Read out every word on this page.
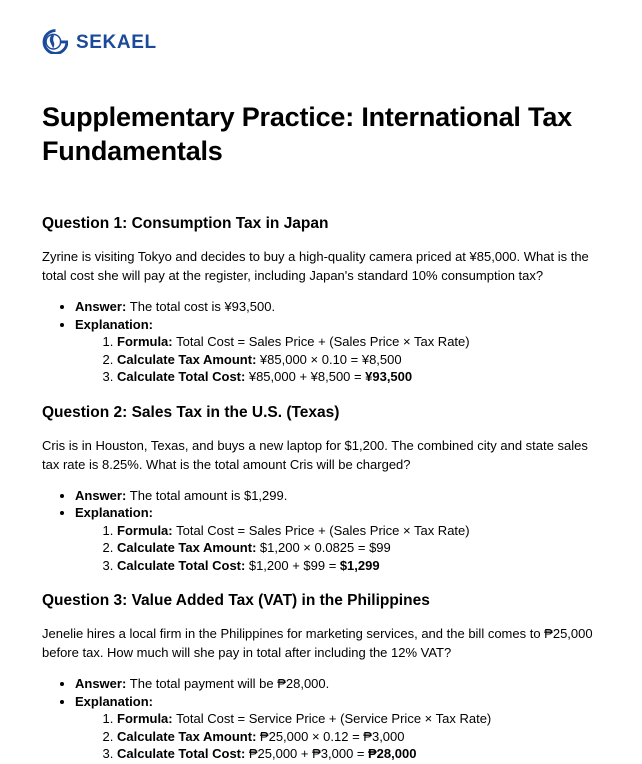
SEKAEL
Supplementary Practice: International Tax Fundamentals
Question 1: Consumption Tax in Japan

Zyrine is visiting Tokyo and decides to buy a high-quality camera priced at ¥85,000. What is the total cost she will pay at the register, including Japan's standard 10% consumption tax?

• Answer: The total cost is ¥93,500.
• Explanation:
1. Formula: Total Cost = Sales Price + (Sales Price × Tax Rate)
2. Calculate Tax Amount: ¥85,000 × 0.10 = ¥8,500
3. Calculate Total Cost: ¥85,000 + ¥8,500 = ¥93,500
Question 2: Sales Tax in the U.S. (Texas)

Cris is in Houston, Texas, and buys a new laptop for $1,200. The combined city and state sales tax rate is 8.25%. What is the total amount Cris will be charged?

• Answer: The total amount is $1,299.
• Explanation:
1. Formula: Total Cost = Sales Price + (Sales Price × Tax Rate)
2. Calculate Tax Amount: $1,200 × 0.0825 = $99
3. Calculate Total Cost: $1,200 + $99 = $1,299
Question 3: Value Added Tax (VAT) in the Philippines

Jenelie hires a local firm in the Philippines for marketing services, and the bill comes to ₱25,000 before tax. How much will she pay in total after including the 12% VAT?

• Answer: The total payment will be ₱28,000.
• Explanation:
1. Formula: Total Cost = Service Price + (Service Price × Tax Rate)
2. Calculate Tax Amount: ₱25,000 × 0.12 = ₱3,000
3. Calculate Total Cost: ₱25,000 + ₱3,000 = ₱28,000
